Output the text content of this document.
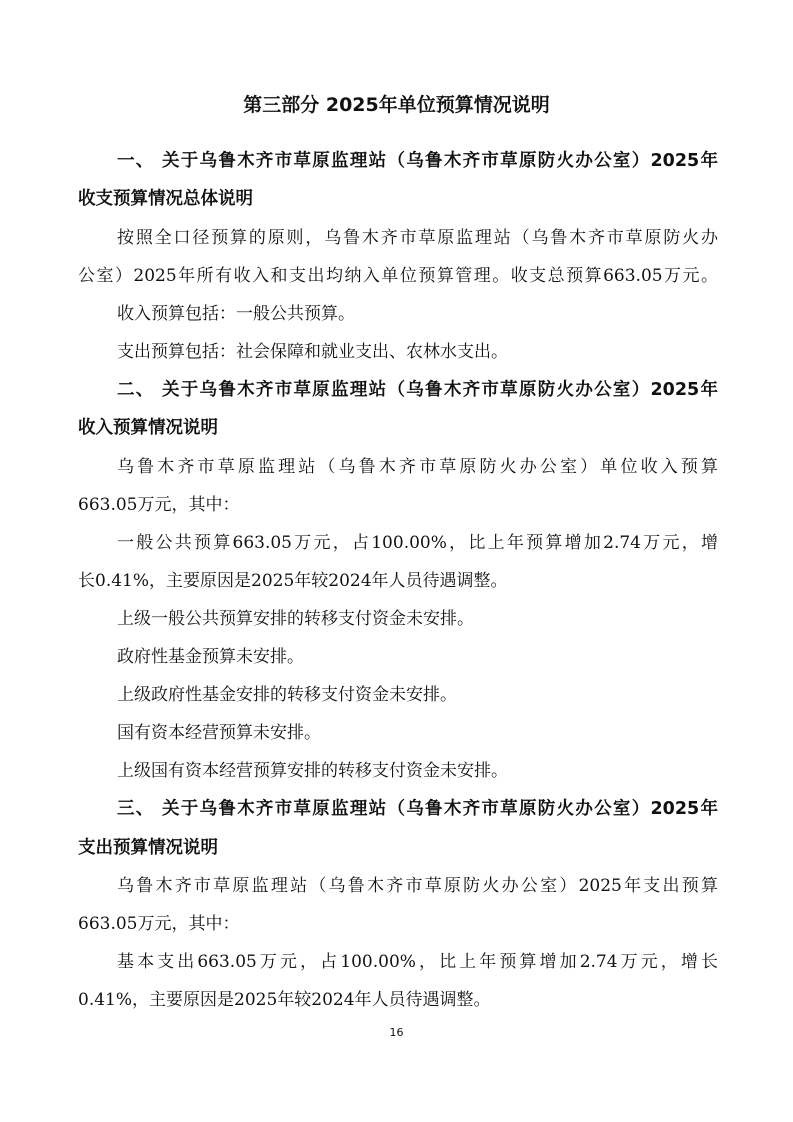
第三部分 2025年单位预算情况说明

一、 关于乌鲁木齐市草原监理站（乌鲁木齐市草原防火办公室）2025年

收支预算情况总体说明

按照全口径预算的原则，乌鲁木齐市草原监理站（乌鲁木齐市草原防火办

公室）2025年所有收入和支出均纳入单位预算管理。收支总预算663.05万元。

收入预算包括：一般公共预算。

支出预算包括：社会保障和就业支出、农林水支出。

二、 关于乌鲁木齐市草原监理站（乌鲁木齐市草原防火办公室）2025年

收入预算情况说明

乌鲁木齐市草原监理站（乌鲁木齐市草原防火办公室）单位收入预算

663.05万元，其中：

一般公共预算663.05万元，占100.00%，比上年预算增加2.74万元，增

长0.41%，主要原因是2025年较2024年人员待遇调整。

上级一般公共预算安排的转移支付资金未安排。

政府性基金预算未安排。

上级政府性基金安排的转移支付资金未安排。

国有资本经营预算未安排。

上级国有资本经营预算安排的转移支付资金未安排。

三、 关于乌鲁木齐市草原监理站（乌鲁木齐市草原防火办公室）2025年

支出预算情况说明

乌鲁木齐市草原监理站（乌鲁木齐市草原防火办公室）2025年支出预算

663.05万元，其中：

基本支出663.05万元，占100.00%，比上年预算增加2.74万元，增长

0.41%，主要原因是2025年较2024年人员待遇调整。

16
